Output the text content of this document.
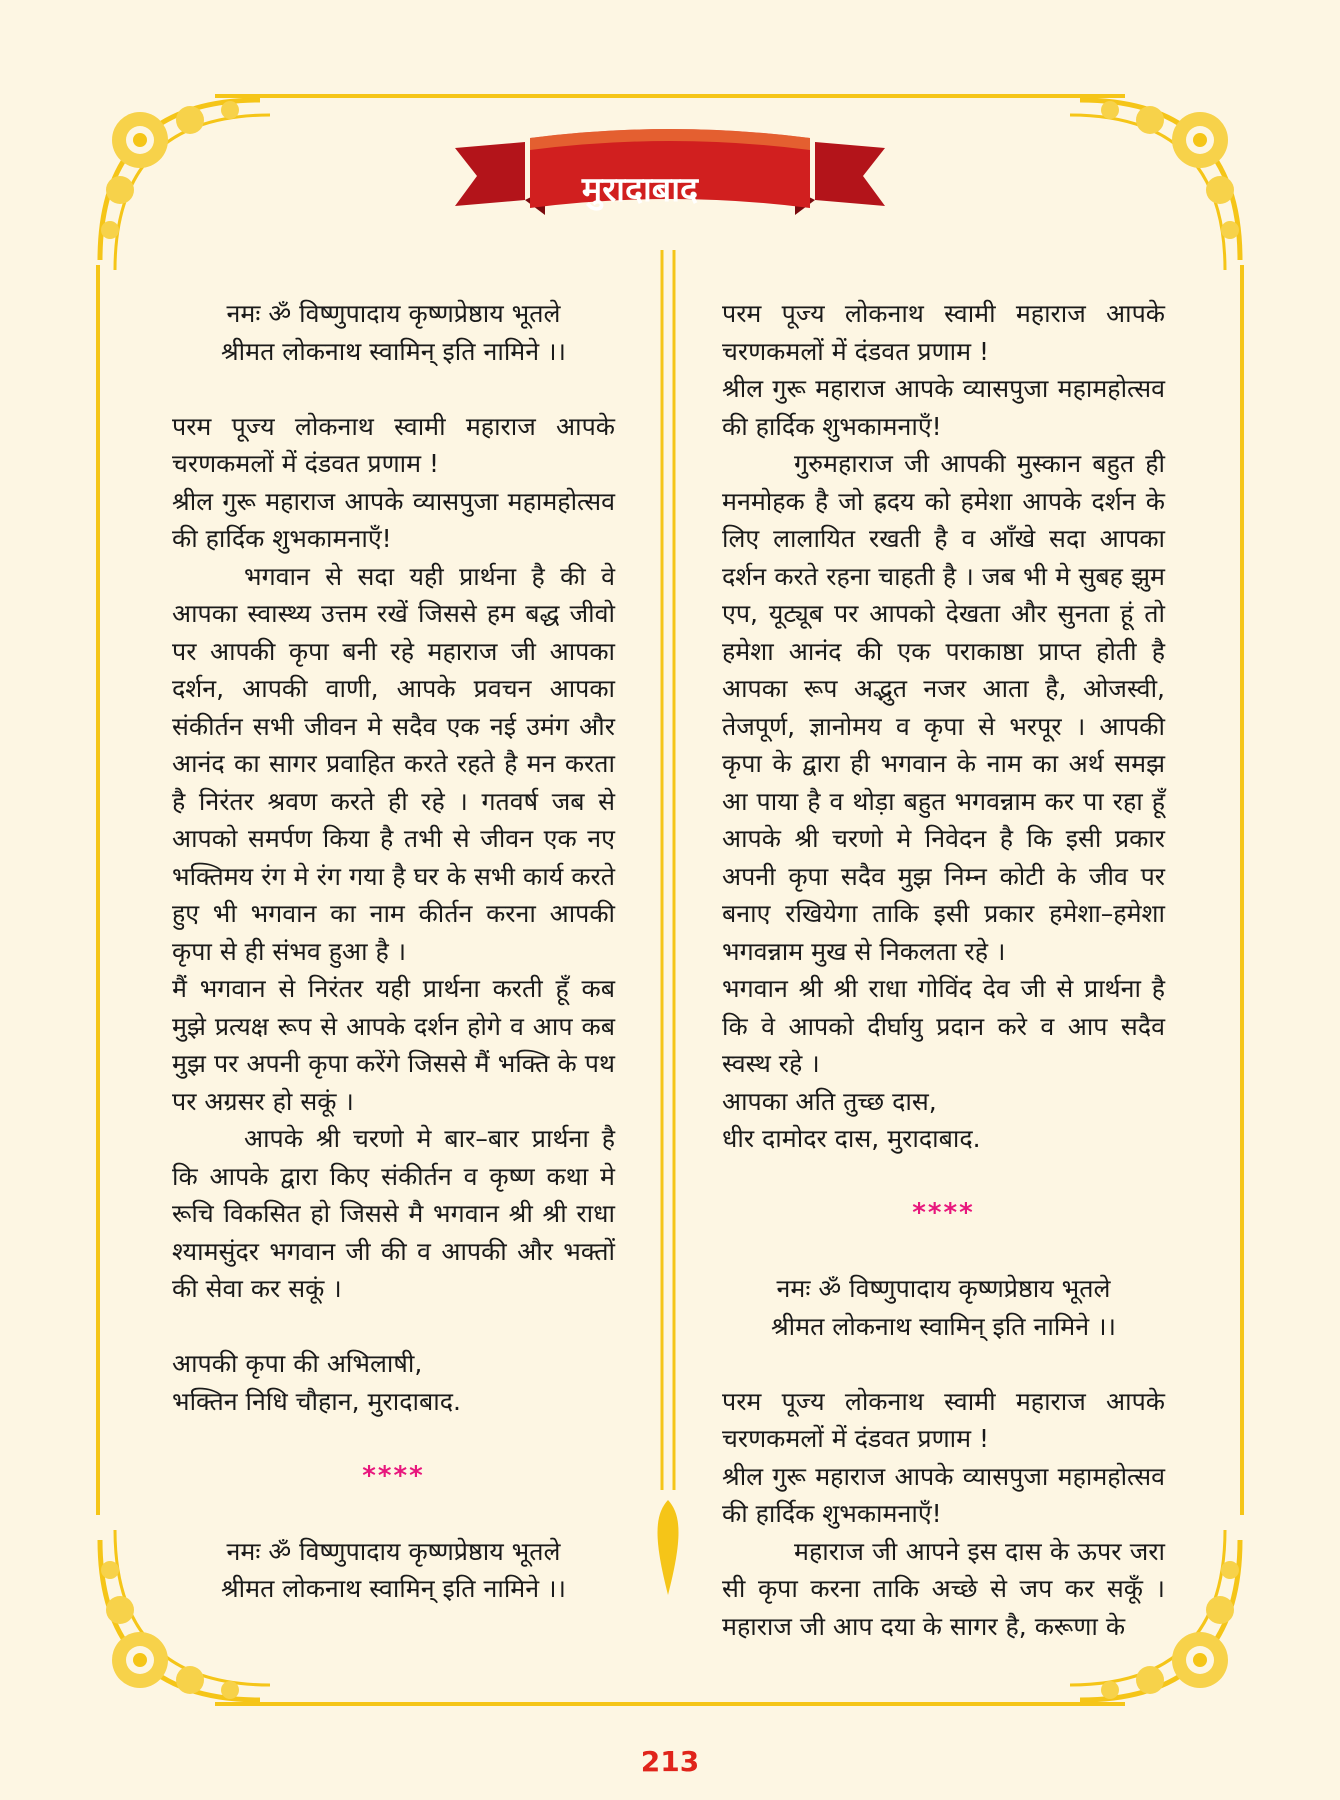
मुरादाबाद

नमः ॐ विष्णुपादाय कृष्णप्रेष्ठाय भूतले

श्रीमत लोकनाथ स्वामिन् इति नामिने ।।

परम पूज्य लोकनाथ स्वामी महाराज आपके चरणकमलों में दंडवत प्रणाम !

श्रील गुरू महाराज आपके व्यासपुजा महामहोत्सव की हार्दिक शुभकामनाएँ!

भगवान से सदा यही प्रार्थना है की वे आपका स्वास्थ्य उत्तम रखें जिससे हम बद्ध जीवो पर आपकी कृपा बनी रहे महाराज जी आपका दर्शन, आपकी वाणी, आपके प्रवचन आपका संकीर्तन सभी जीवन मे सदैव एक नई उमंग और आनंद का सागर प्रवाहित करते रहते है मन करता है निरंतर श्रवण करते ही रहे । गतवर्ष जब से आपको समर्पण किया है तभी से जीवन एक नए भक्तिमय रंग मे रंग गया है घर के सभी कार्य करते हुए भी भगवान का नाम कीर्तन करना आपकी कृपा से ही संभव हुआ है ।

मैं भगवान से निरंतर यही प्रार्थना करती हूँ कब मुझे प्रत्यक्ष रूप से आपके दर्शन होगे व आप कब मुझ पर अपनी कृपा करेंगे जिससे मैं भक्ति के पथ पर अग्रसर हो सकूं ।

आपके श्री चरणो मे बार–बार प्रार्थना है कि आपके द्वारा किए संकीर्तन व कृष्ण कथा मे रूचि विकसित हो जिससे मै भगवान श्री श्री राधा श्यामसुंदर भगवान जी की व आपकी और भक्तों की सेवा कर सकूं ।

आपकी कृपा की अभिलाषी,

भक्तिन निधि चौहान, मुरादाबाद.

****

नमः ॐ विष्णुपादाय कृष्णप्रेष्ठाय भूतले

श्रीमत लोकनाथ स्वामिन् इति नामिने ।।

परम पूज्य लोकनाथ स्वामी महाराज आपके चरणकमलों में दंडवत प्रणाम !

श्रील गुरू महाराज आपके व्यासपुजा महामहोत्सव की हार्दिक शुभकामनाएँ!

गुरुमहाराज जी आपकी मुस्कान बहुत ही मनमोहक है जो ह्रदय को हमेशा आपके दर्शन के लिए लालायित रखती है व आँखे सदा आपका दर्शन करते रहना चाहती है । जब भी मे सुबह झुम एप, यूट्यूब पर आपको देखता और सुनता हूं तो हमेशा आनंद की एक पराकाष्ठा प्राप्त होती है आपका रूप अद्भुत नजर आता है, ओजस्वी, तेजपूर्ण, ज्ञानोमय व कृपा से भरपूर । आपकी कृपा के द्वारा ही भगवान के नाम का अर्थ समझ आ पाया है व थोड़ा बहुत भगवन्नाम कर पा रहा हूँ आपके श्री चरणो मे निवेदन है कि इसी प्रकार अपनी कृपा सदैव मुझ निम्न कोटी के जीव पर बनाए रखियेगा ताकि इसी प्रकार हमेशा–हमेशा भगवन्नाम मुख से निकलता रहे ।

भगवान श्री श्री राधा गोविंद देव जी से प्रार्थना है कि वे आपको दीर्घायु प्रदान करे व आप सदैव स्वस्थ रहे ।

आपका अति तुच्छ दास,

धीर दामोदर दास, मुरादाबाद.

****

नमः ॐ विष्णुपादाय कृष्णप्रेष्ठाय भूतले

श्रीमत लोकनाथ स्वामिन् इति नामिने ।।

परम पूज्य लोकनाथ स्वामी महाराज आपके चरणकमलों में दंडवत प्रणाम !

श्रील गुरू महाराज आपके व्यासपुजा महामहोत्सव की हार्दिक शुभकामनाएँ!

महाराज जी आपने इस दास के ऊपर जरा सी कृपा करना ताकि अच्छे से जप कर सकूँ । महाराज जी आप दया के सागर है, करूणा के

213
